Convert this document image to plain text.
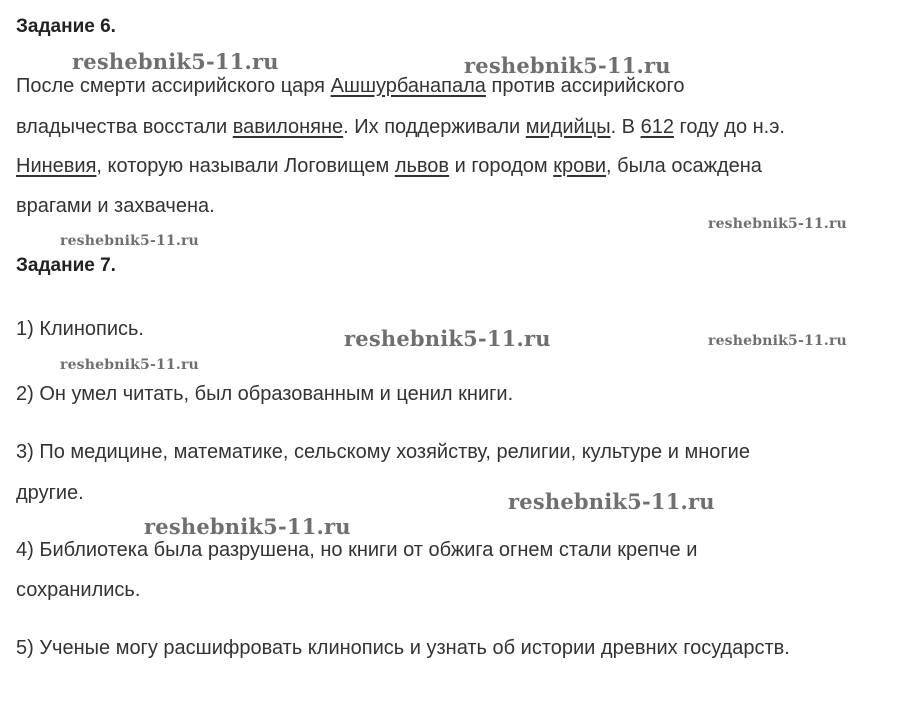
reshebnik5-11.ru	reshebnik5-11.ru
reshebnik5-11.ru
reshebnik5-11.ru
reshebnik5-11.ru	reshebnik5-11.ru
reshebnik5-11.ru
reshebnik5-11.ru
reshebnik5-11.ru
Задание 6.

После смерти ассирийского царя Ашшурбанапала против ассирийского

владычества восстали вавилоняне. Их поддерживали мидийцы. В 612 году до н.э.

Ниневия, которую называли Логовищем львов и городом крови, была осаждена

врагами и захвачена.

Задание 7.

1) Клинопись.

2) Он умел читать, был образованным и ценил книги.

3) По медицине, математике, сельскому хозяйству, религии, культуре и многие

другие.

4) Библиотека была разрушена, но книги от обжига огнем стали крепче и

сохранились.

5) Ученые могу расшифровать клинопись и узнать об истории древних государств.
